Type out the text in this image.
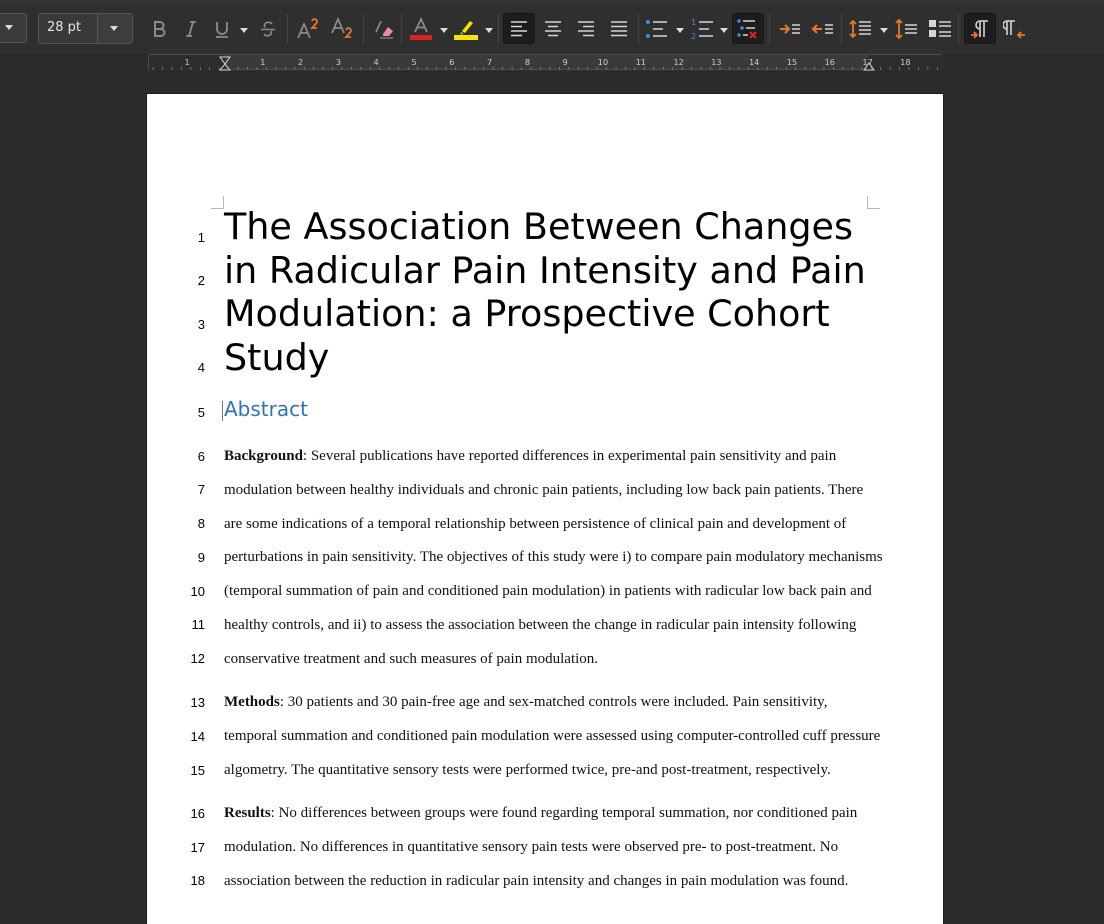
28 pt	1
2
1	1	2	3	4	5	6	7	8	9	10	11	12	13	14	15	16	17	18
1
2
3
4
5
6
7
8
9
10
11
12
13
14
15
16
17
18
The Association Between Changes
in Radicular Pain Intensity and Pain
Modulation: a Prospective Cohort
Study
Abstract

Background: Several publications have reported differences in experimental pain sensitivity and pain modulation between healthy individuals and chronic pain patients, including low back pain patients. There are some indications of a temporal relationship between persistence of clinical pain and development of perturbations in pain sensitivity. The objectives of this study were i) to compare pain modulatory mechanisms (temporal summation of pain and conditioned pain modulation) in patients with radicular low back pain and healthy controls, and ii) to assess the association between the change in radicular pain intensity following conservative treatment and such measures of pain modulation.

Methods: 30 patients and 30 pain-free age and sex-matched controls were included. Pain sensitivity, temporal summation and conditioned pain modulation were assessed using computer-controlled cuff pressure algometry. The quantitative sensory tests were performed twice, pre-and post-treatment, respectively.

Results: No differences between groups were found regarding temporal summation, nor conditioned pain modulation. No differences in quantitative sensory pain tests were observed pre- to post-treatment. No association between the reduction in radicular pain intensity and changes in pain modulation was found.
